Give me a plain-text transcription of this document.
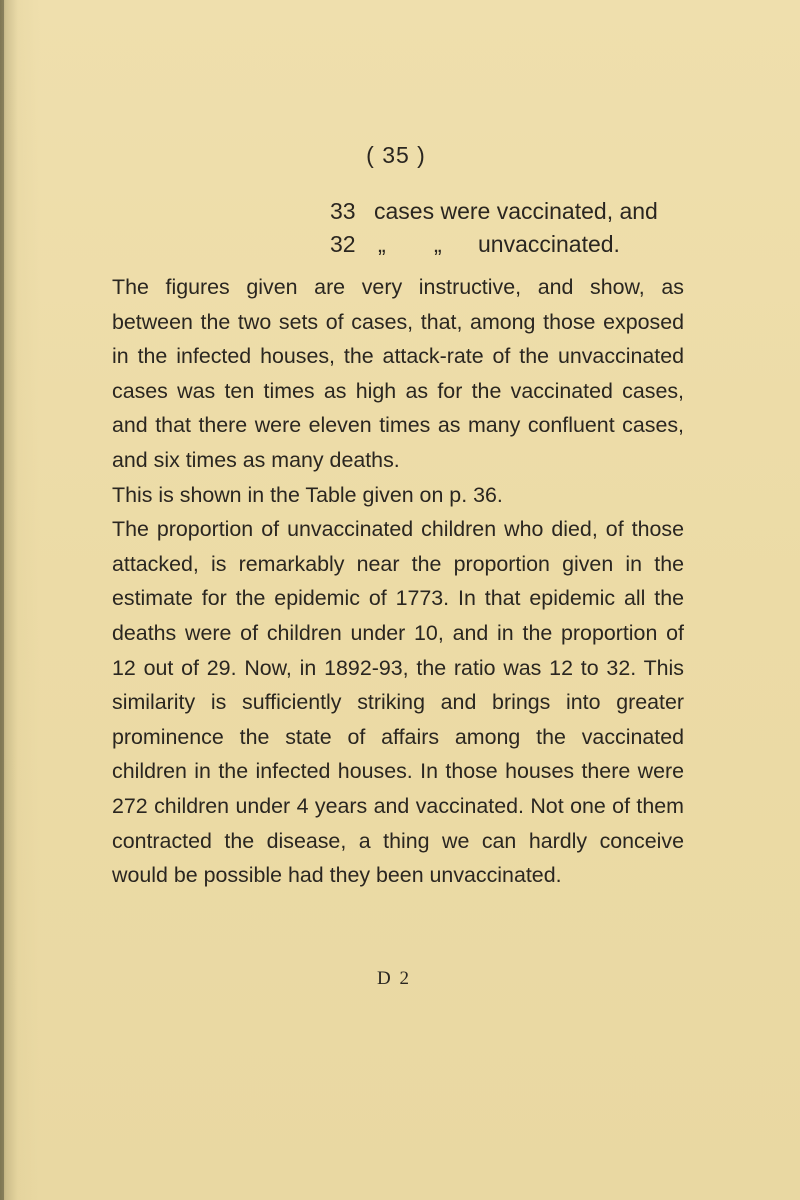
( 35 )
33 cases were vaccinated, and
32 „ „ unvaccinated.

The figures given are very instructive, and show, as between the two sets of cases, that, among those exposed in the infected houses, the attack-rate of the unvaccinated cases was ten times as high as for the vaccinated cases, and that there were eleven times as many confluent cases, and six times as many deaths.

This is shown in the Table given on p. 36.

The proportion of unvaccinated children who died, of those attacked, is remarkably near the proportion given in the estimate for the epidemic of 1773. In that epidemic all the deaths were of children under 10, and in the proportion of 12 out of 29. Now, in 1892-93, the ratio was 12 to 32. This similarity is sufficiently striking and brings into greater prominence the state of affairs among the vaccinated children in the infected houses. In those houses there were 272 children under 4 years and vaccinated. Not one of them contracted the disease, a thing we can hardly conceive would be possible had they been unvaccinated.

D 2
